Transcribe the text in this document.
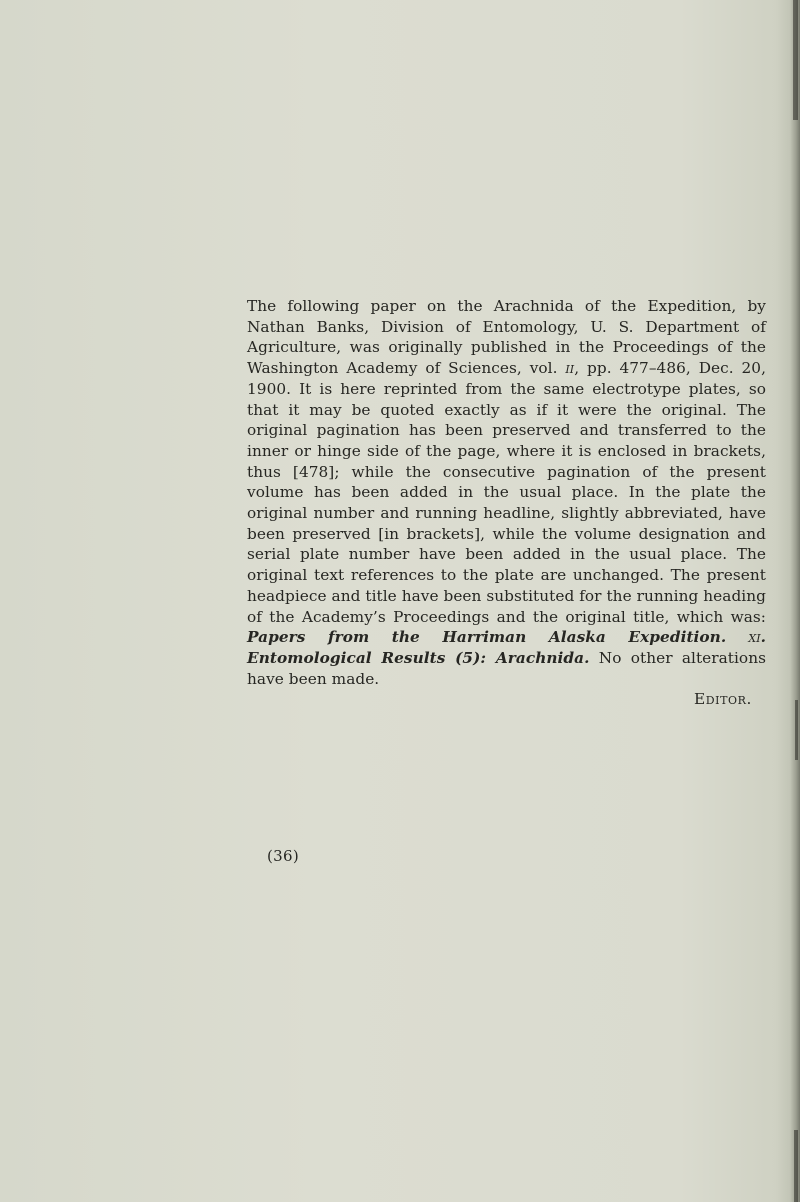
The following paper on the Arachnida of the Expedition, by Nathan Banks, Division of Entomology, U. S. Department of Agriculture, was originally published in the Proceedings of the Washington Academy of Sciences, vol. ii, pp. 477–486, Dec. 20, 1900. It is here reprinted from the same electrotype plates, so that it may be quoted exactly as if it were the original. The original pagination has been preserved and transferred to the inner or hinge side of the page, where it is enclosed in brackets, thus [478]; while the consecutive pagination of the present volume has been added in the usual place. In the plate the original number and running headline, slightly abbreviated, have been preserved [in brackets], while the volume designation and serial plate number have been added in the usual place. The original text references to the plate are unchanged. The present headpiece and title have been substituted for the running heading of the Academy’s Proceedings and the original title, which was: Papers from the Harriman Alaska Expedition. xi. Entomological Results (5): Arachnida. No other alterations have been made.

Editor.

(36)
